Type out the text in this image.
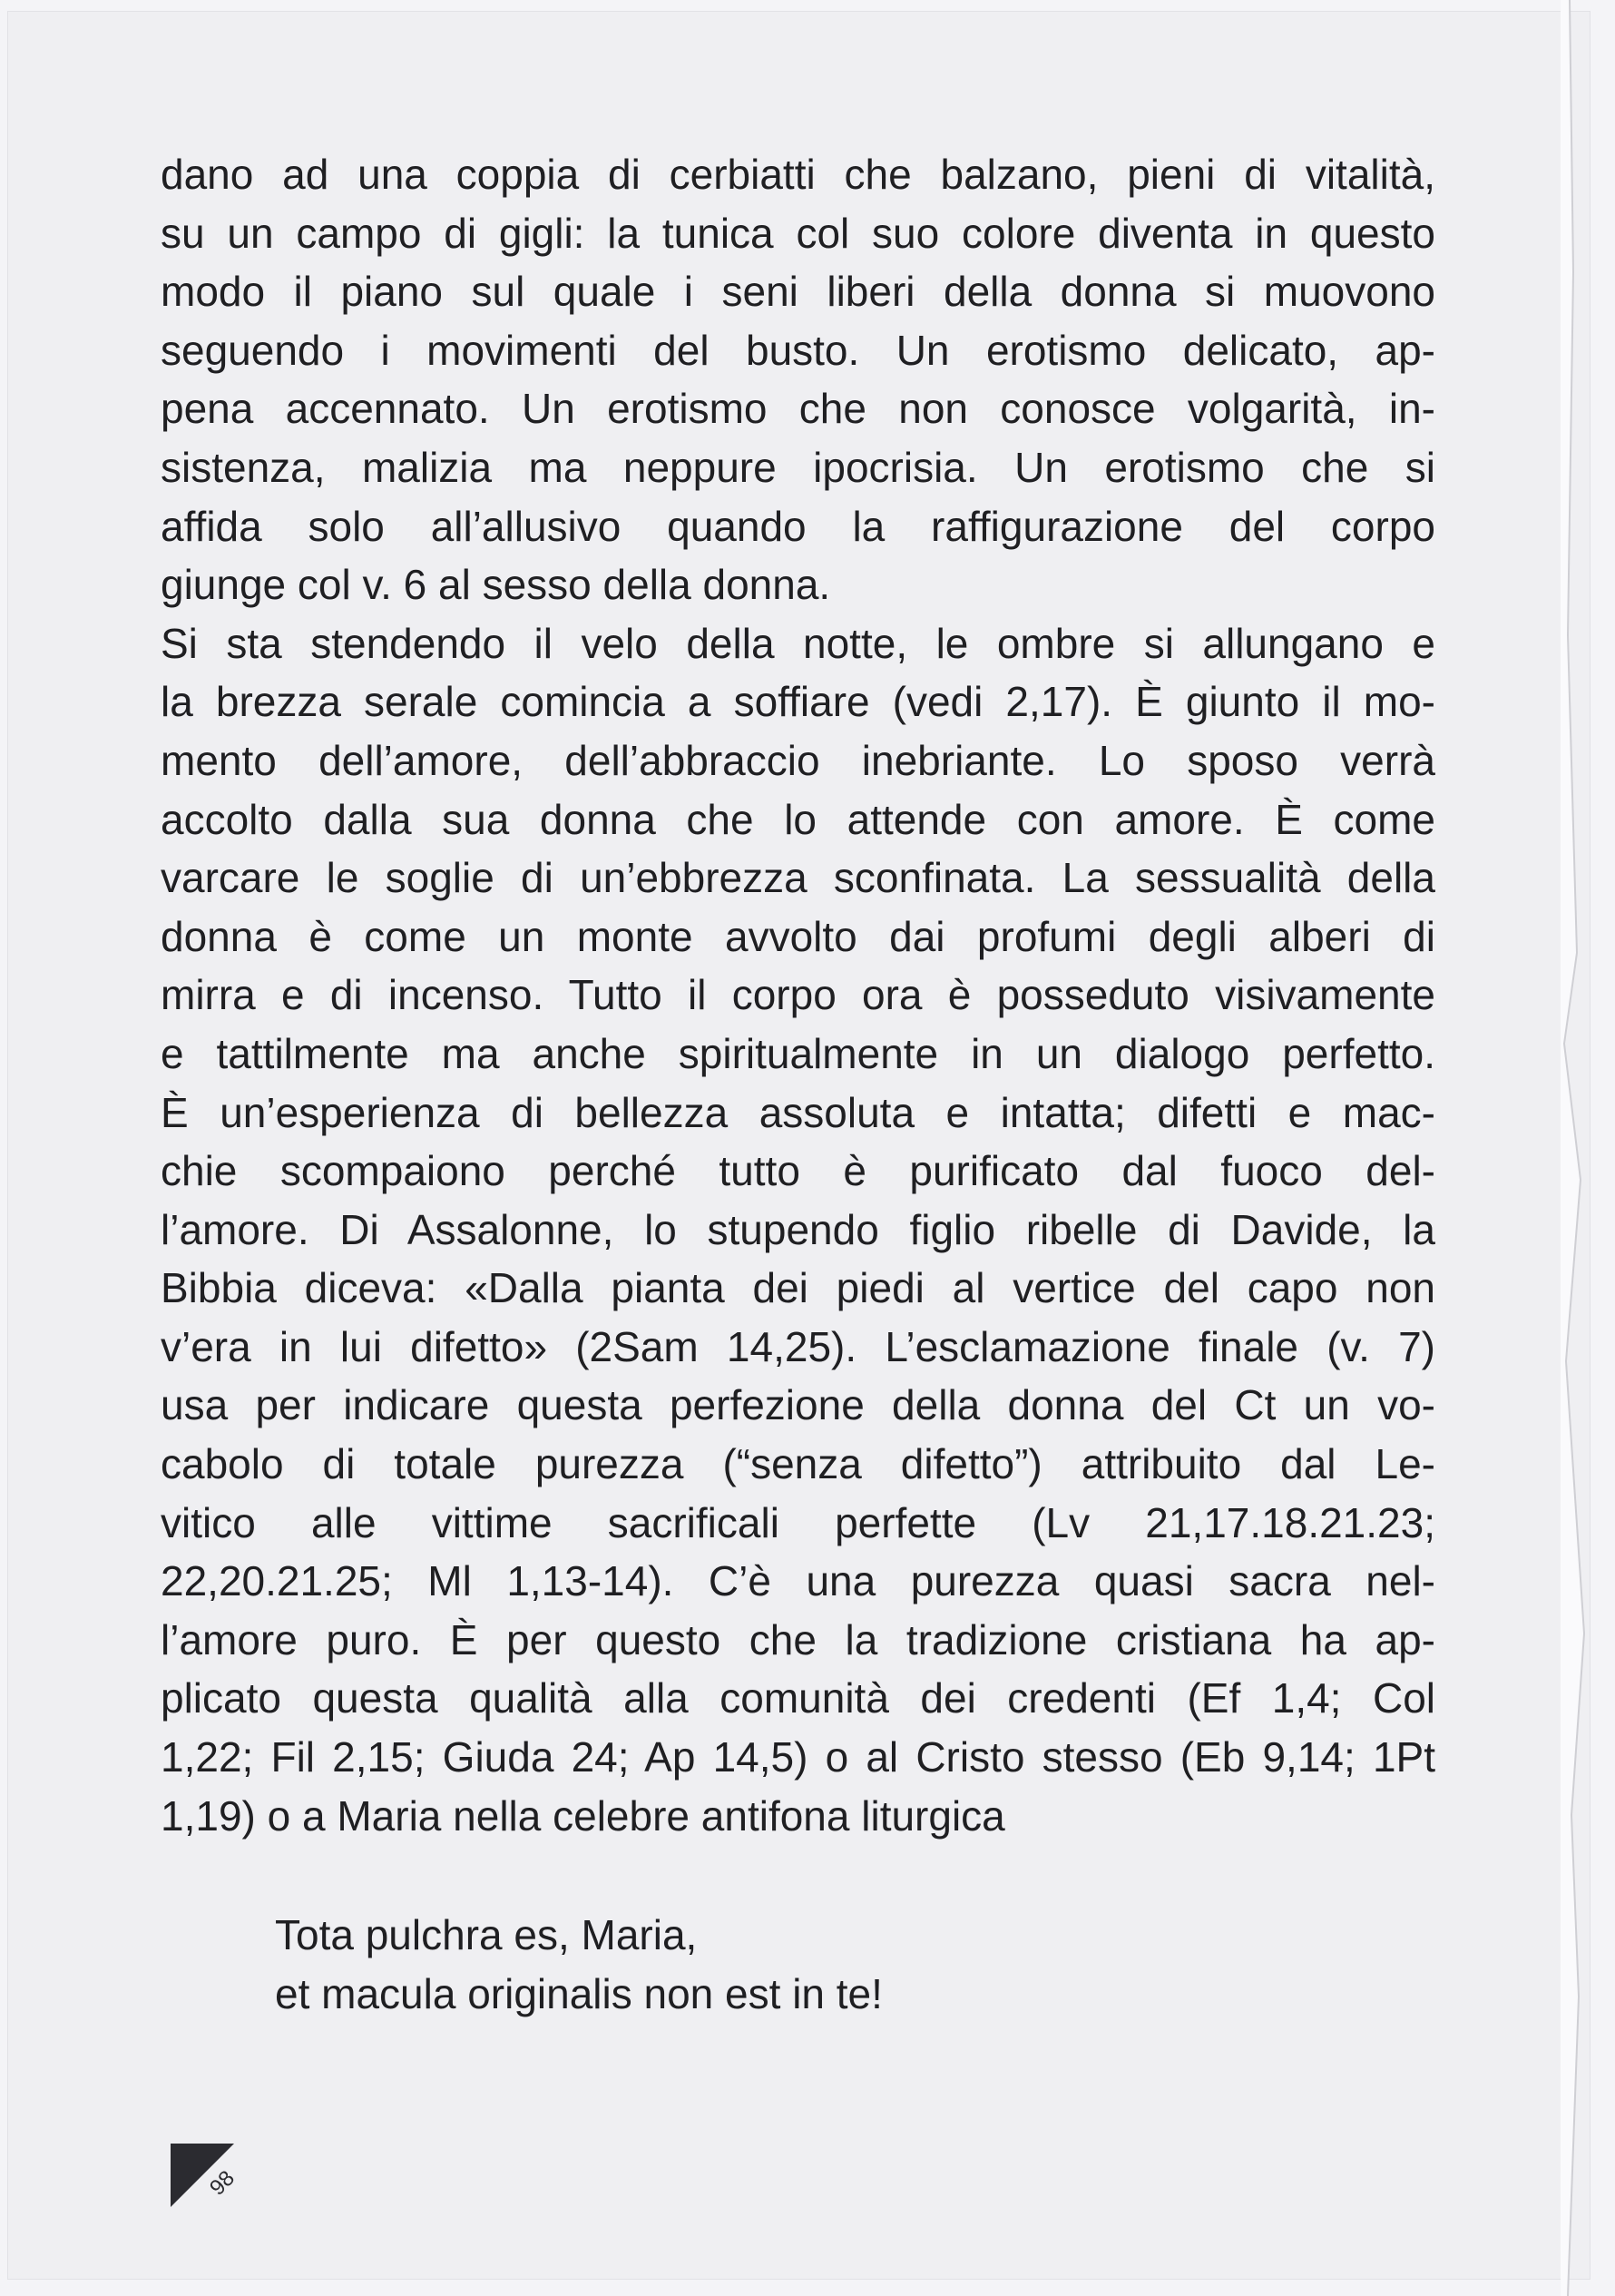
dano ad una coppia di cerbiatti che balzano, pieni di vitalità,
su un campo di gigli: la tunica col suo colore diventa in questo
modo il piano sul quale i seni liberi della donna si muovono
seguendo i movimenti del busto. Un erotismo delicato, ap-
pena accennato. Un erotismo che non conosce volgarità, in-
sistenza, malizia ma neppure ipocrisia. Un erotismo che si
affida solo all’allusivo quando la raffigurazione del corpo
giunge col v. 6 al sesso della donna.
Si sta stendendo il velo della notte, le ombre si allungano e
la brezza serale comincia a soffiare (vedi 2,17). È giunto il mo-
mento dell’amore, dell’abbraccio inebriante. Lo sposo verrà
accolto dalla sua donna che lo attende con amore. È come
varcare le soglie di un’ebbrezza sconfinata. La sessualità della
donna è come un monte avvolto dai profumi degli alberi di
mirra e di incenso. Tutto il corpo ora è posseduto visivamente
e tattilmente ma anche spiritualmente in un dialogo perfetto.
È un’esperienza di bellezza assoluta e intatta; difetti e mac-
chie scompaiono perché tutto è purificato dal fuoco del-
l’amore. Di Assalonne, lo stupendo figlio ribelle di Davide, la
Bibbia diceva: «Dalla pianta dei piedi al vertice del capo non
v’era in lui difetto» (2Sam 14,25). L’esclamazione finale (v. 7)
usa per indicare questa perfezione della donna del Ct un vo-
cabolo di totale purezza (“senza difetto”) attribuito dal Le-
vitico alle vittime sacrificali perfette (Lv 21,17.18.21.23;
22,20.21.25; Ml 1,13-14). C’è una purezza quasi sacra nel-
l’amore puro. È per questo che la tradizione cristiana ha ap-
plicato questa qualità alla comunità dei credenti (Ef 1,4; Col
1,22; Fil 2,15; Giuda 24; Ap 14,5) o al Cristo stesso (Eb 9,14; 1Pt
1,19) o a Maria nella celebre antifona liturgica
Tota pulchra es, Maria,
et macula originalis non est in te!
98
